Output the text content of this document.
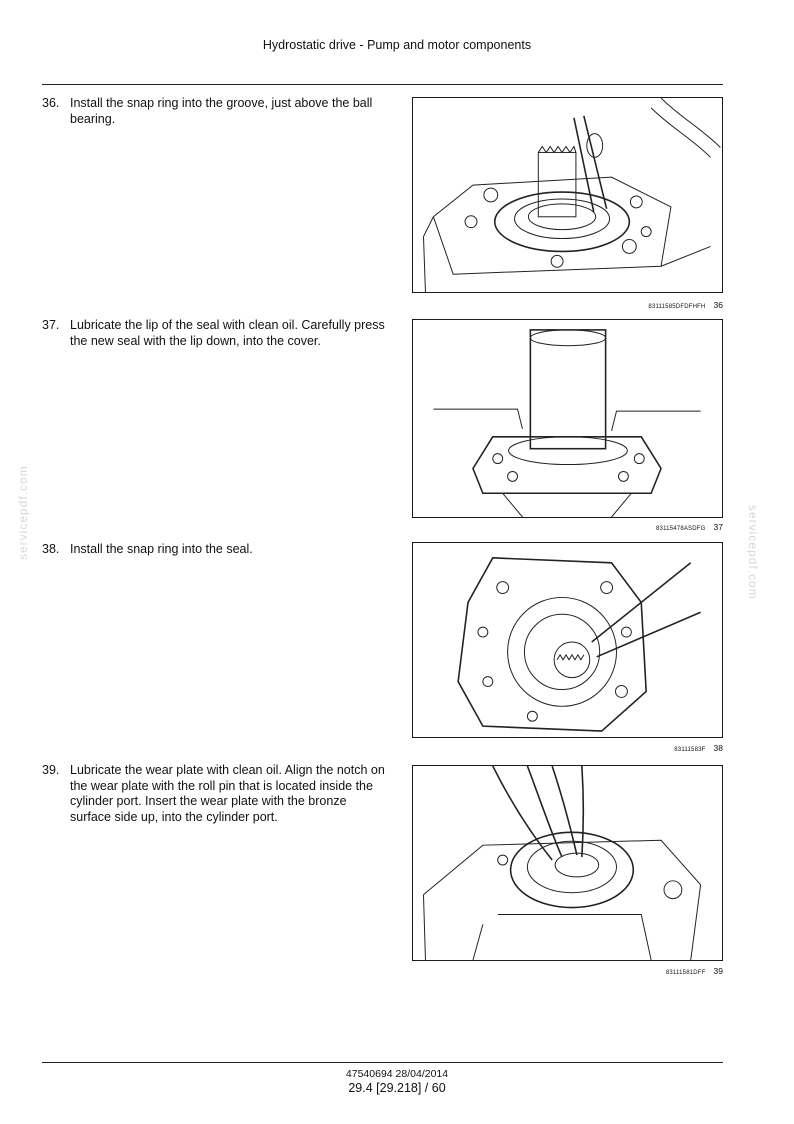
Hydrostatic drive - Pump and motor components
36. Install the snap ring into the groove, just above the ball bearing.
83111585DFDFHFH 36
37. Lubricate the lip of the seal with clean oil. Carefully press the new seal with the lip down, into the cover.
83115478ASDFG 37
38. Install the snap ring into the seal.
83111583F 38
39. Lubricate the wear plate with clean oil. Align the notch on the wear plate with the roll pin that is located inside the cylinder port. Insert the wear plate with the bronze surface side up, into the cylinder port.
83111581DFF 39
servicepdf.com	servicepdf.com
47540694 28/04/2014
29.4 [29.218] / 60
